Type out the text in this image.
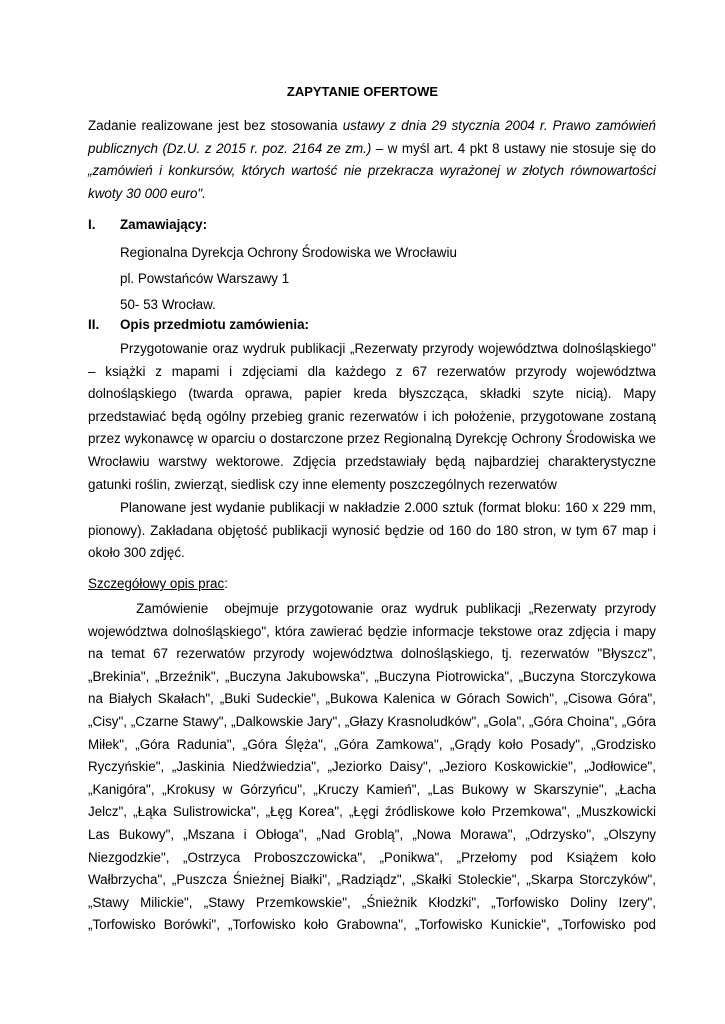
ZAPYTANIE OFERTOWE
Zadanie realizowane jest bez stosowania ustawy z dnia 29 stycznia 2004 r. Prawo zamówień
publicznych (Dz.U. z 2015 r. poz. 2164 ze zm.) – w myśl art. 4 pkt 8 ustawy nie stosuje się do
„zamówień i konkursów, których wartość nie przekracza wyrażonej w złotych równowartości
kwoty 30 000 euro".
I. Zamawiający:
Regionalna Dyrekcja Ochrony Środowiska we Wrocławiu
pl. Powstańców Warszawy 1
50- 53 Wrocław.
II. Opis przedmiotu zamówienia:
Przygotowanie oraz wydruk publikacji „Rezerwaty przyrody województwa dolnośląskiego"
– książki z mapami i zdjęciami dla każdego z 67 rezerwatów przyrody województwa
dolnośląskiego (twarda oprawa, papier kreda błyszcząca, składki szyte nicią). Mapy
przedstawiać będą ogólny przebieg granic rezerwatów i ich położenie, przygotowane zostaną
przez wykonawcę w oparciu o dostarczone przez Regionalną Dyrekcję Ochrony Środowiska we
Wrocławiu warstwy wektorowe. Zdjęcia przedstawiały będą najbardziej charakterystyczne
gatunki roślin, zwierząt, siedlisk czy inne elementy poszczególnych rezerwatów
Planowane jest wydanie publikacji w nakładzie 2.000 sztuk (format bloku: 160 x 229 mm,
pionowy). Zakładana objętość publikacji wynosić będzie od 160 do 180 stron, w tym 67 map i
około 300 zdjęć.
Szczegółowy opis prac:
Zamówienie  obejmuje przygotowanie oraz wydruk publikacji „Rezerwaty przyrody
województwa dolnośląskiego", która zawierać będzie informacje tekstowe oraz zdjęcia i mapy
na temat 67 rezerwatów przyrody województwa dolnośląskiego, tj. rezerwatów "Błyszcz",
„Brekinia", „Brzeźnik", „Buczyna Jakubowska", „Buczyna Piotrowicka", „Buczyna Storczykowa
na Białych Skałach", „Buki Sudeckie", „Bukowa Kalenica w Górach Sowich", „Cisowa Góra",
„Cisy", „Czarne Stawy", „Dalkowskie Jary", „Głazy Krasnoludków", „Gola", „Góra Choina", „Góra
Miłek", „Góra Radunia", „Góra Ślęża", „Góra Zamkowa", „Grądy koło Posady", „Grodzisko
Ryczyńskie", „Jaskinia Niedźwiedzia", „Jeziorko Daisy", „Jezioro Koskowickie", „Jodłowice",
„Kanigóra", „Krokusy w Górzyńcu", „Kruczy Kamień", „Las Bukowy w Skarszynie", „Łacha
Jelcz", „Łąka Sulistrowicka", „Łęg Korea", „Łęgi źródliskowe koło Przemkowa", „Muszkowicki
Las Bukowy", „Mszana i Obłoga", „Nad Groblą", „Nowa Morawa", „Odrzysko", „Olszyny
Niezgodzkie", „Ostrzyca Proboszczowicka", „Ponikwa", „Przełomy pod Książem koło
Wałbrzycha", „Puszcza Śnieżnej Białki", „Radziądz", „Skałki Stoleckie", „Skarpa Storczyków",
„Stawy Milickie", „Stawy Przemkowskie", „Śnieżnik Kłodzki", „Torfowisko Doliny Izery",
„Torfowisko Borówki", „Torfowisko koło Grabowna", „Torfowisko Kunickie", „Torfowisko pod
